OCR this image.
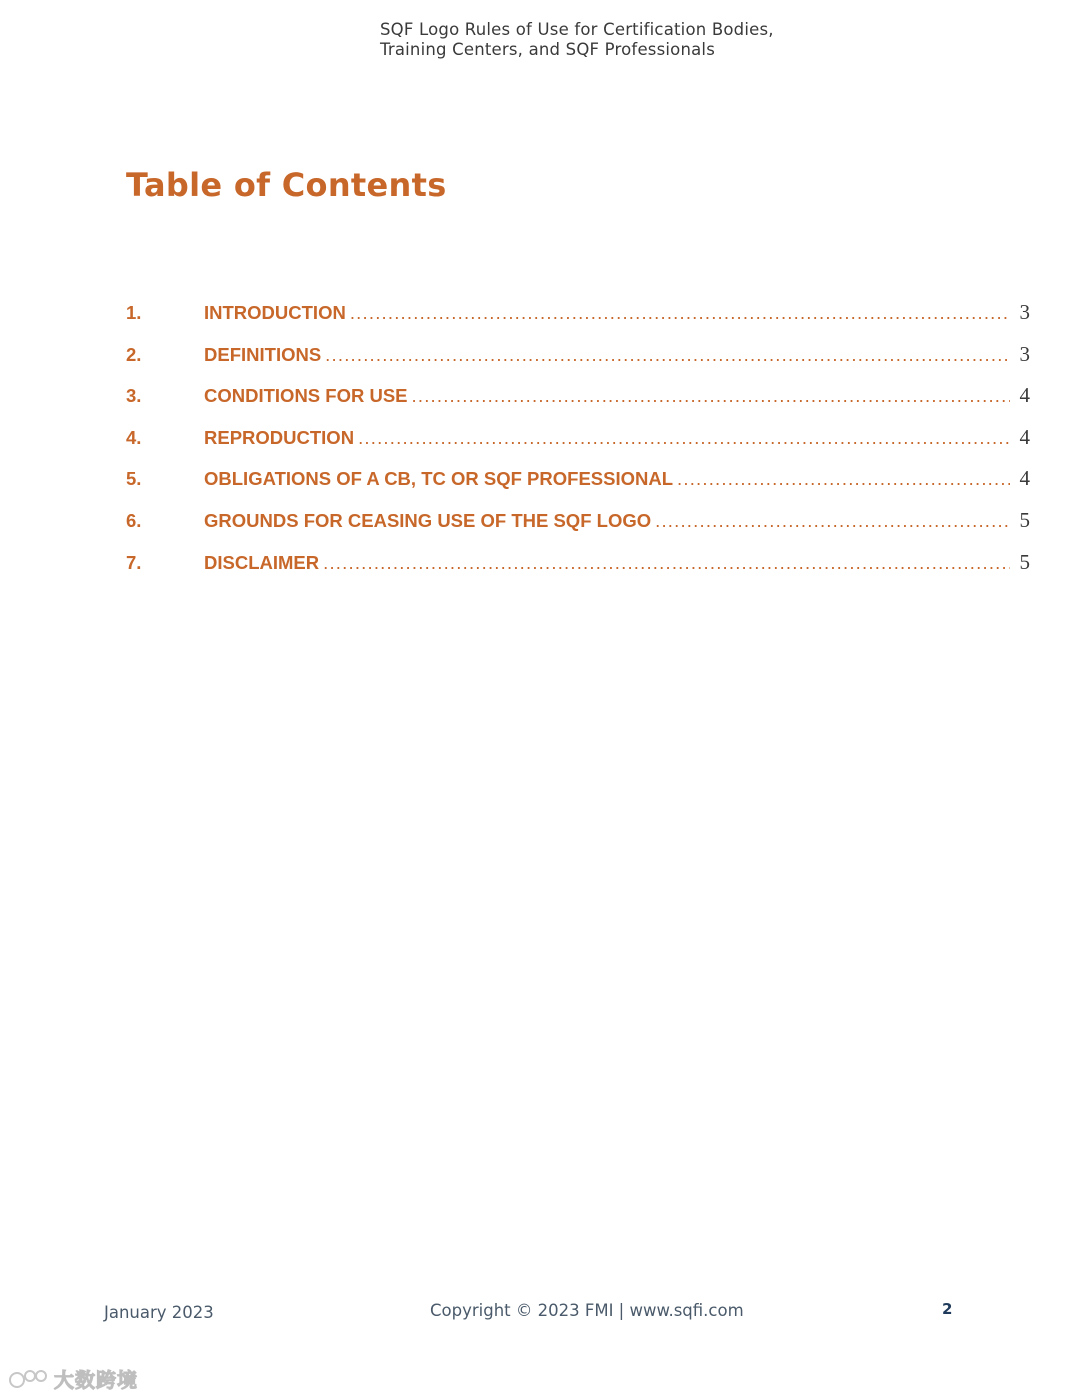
SQF Logo Rules of Use for Certification Bodies,
Training Centers, and SQF Professionals
Table of Contents
1.	INTRODUCTION .....	3
2.	DEFINITIONS .....	3
3.	CONDITIONS FOR USE .....	4
4.	REPRODUCTION .....	4
5.	OBLIGATIONS OF A CB, TC OR SQF PROFESSIONAL .....	4
6.	GROUNDS FOR CEASING USE OF THE SQF LOGO .....	5
7.	DISCLAIMER .....	5
January 2023	Copyright © 2023 FMI | www.sqfi.com	2
大数跨境
